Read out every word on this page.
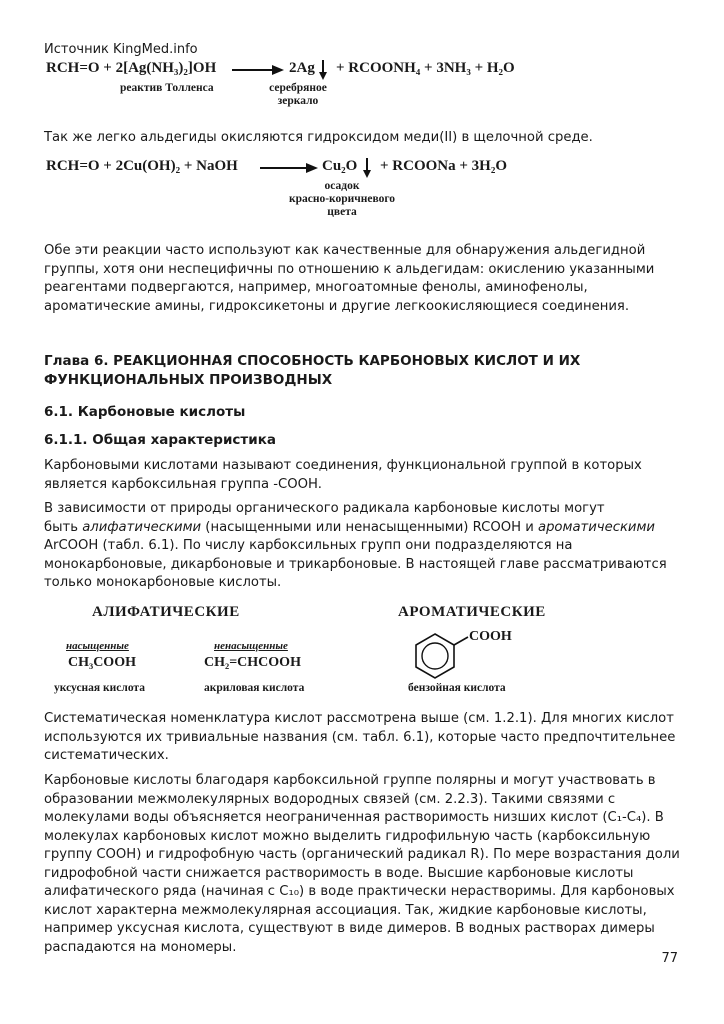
Источник KingMed.info
RCH=O + 2[Ag(NH₃)₂]OH
реактив Толленса
2Ag
серебряное
зеркало
+ RCOONH₄ + 3NH₃ + H₂O
Так же легко альдегиды окисляются гидроксидом меди(II) в щелочной среде.
RCH=O + 2Cu(OH)₂ + NaOH	Cu₂O
осадок
красно-коричневого
цвета
+ RCOONa + 3H₂O
Обе эти реакции часто используют как качественные для обнаружения альдегидной группы, хотя они неспецифичны по отношению к альдегидам: окислению указанными реагентами подвергаются, например, многоатомные фенолы, аминофенолы, ароматические амины, гидроксикетоны и другие легкоокисляющиеся соединения.
Глава 6. РЕАКЦИОННАЯ СПОСОБНОСТЬ КАРБОНОВЫХ КИСЛОТ И ИХ ФУНКЦИОНАЛЬНЫХ ПРОИЗВОДНЫХ
6.1. Карбоновые кислоты
6.1.1. Общая характеристика
Карбоновыми кислотами называют соединения, функциональной группой в которых является карбоксильная группа -COOH.
В зависимости от природы органического радикала карбоновые кислоты могут
быть алифатическими (насыщенными или ненасыщенными) RCOOH и ароматическими ArCOOH (табл. 6.1). По числу карбоксильных групп они подразделяются на монокарбоновые, дикарбоновые и трикарбоновые. В настоящей главе рассматриваются только монокарбоновые кислоты.
АЛИФАТИЧЕСКИЕ	АРОМАТИЧЕСКИЕ
насыщенные	ненасыщенные
CH₃COOH	CH₂=CHCOOH
уксусная кислота	акриловая кислота
COOH
бензойная кислота
Систематическая номенклатура кислот рассмотрена выше (см. 1.2.1). Для многих кислот используются их тривиальные названия (см. табл. 6.1), которые часто предпочтительнее систематических.
Карбоновые кислоты благодаря карбоксильной группе полярны и могут участвовать в образовании межмолекулярных водородных связей (см. 2.2.3). Такими связями с молекулами воды объясняется неограниченная растворимость низших кислот (C₁-C₄). В молекулах карбоновых кислот можно выделить гидрофильную часть (карбоксильную группу COOH) и гидрофобную часть (органический радикал R). По мере возрастания доли гидрофобной части снижается растворимость в воде. Высшие карбоновые кислоты алифатического ряда (начиная с C₁₀) в воде практически нерастворимы. Для карбоновых кислот характерна межмолекулярная ассоциация. Так, жидкие карбоновые кислоты, например уксусная кислота, существуют в виде димеров. В водных растворах димеры распадаются на мономеры.
77
